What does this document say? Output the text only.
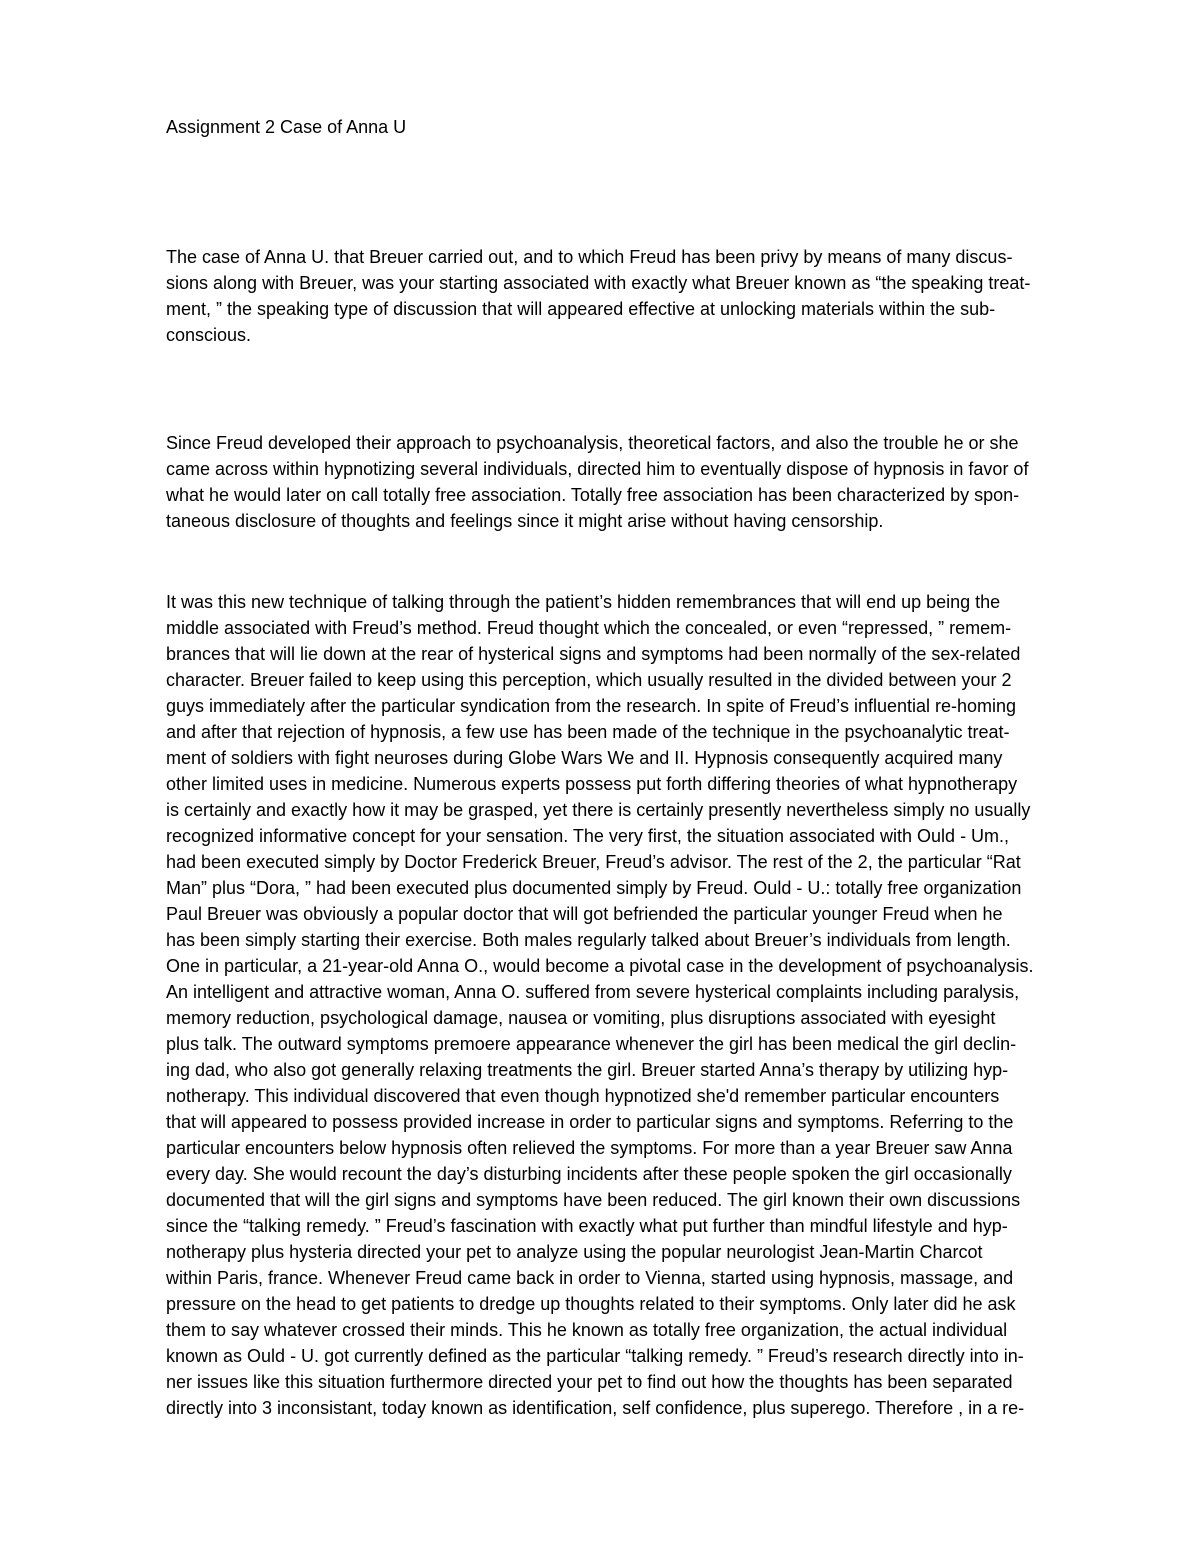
Assignment 2 Case of Anna U
The case of Anna U. that Breuer carried out, and to which Freud has been privy by means of many discus-
sions along with Breuer, was your starting associated with exactly what Breuer known as “the speaking treat-
ment, ” the speaking type of discussion that will appeared effective at unlocking materials within the sub-
conscious.
Since Freud developed their approach to psychoanalysis, theoretical factors, and also the trouble he or she
came across within hypnotizing several individuals, directed him to eventually dispose of hypnosis in favor of
what he would later on call totally free association. Totally free association has been characterized by spon-
taneous disclosure of thoughts and feelings since it might arise without having censorship.
It was this new technique of talking through the patient’s hidden remembrances that will end up being the
middle associated with Freud’s method. Freud thought which the concealed, or even “repressed, ” remem-
brances that will lie down at the rear of hysterical signs and symptoms had been normally of the sex-related
character. Breuer failed to keep using this perception, which usually resulted in the divided between your 2
guys immediately after the particular syndication from the research. In spite of Freud’s influential re-homing
and after that rejection of hypnosis, a few use has been made of the technique in the psychoanalytic treat-
ment of soldiers with fight neuroses during Globe Wars We and II. Hypnosis consequently acquired many
other limited uses in medicine. Numerous experts possess put forth differing theories of what hypnotherapy
is certainly and exactly how it may be grasped, yet there is certainly presently nevertheless simply no usually
recognized informative concept for your sensation. The very first, the situation associated with Ould - Um.,
had been executed simply by Doctor Frederick Breuer, Freud’s advisor. The rest of the 2, the particular “Rat
Man” plus “Dora, ” had been executed plus documented simply by Freud. Ould - U.: totally free organization
Paul Breuer was obviously a popular doctor that will got befriended the particular younger Freud when he
has been simply starting their exercise. Both males regularly talked about Breuer’s individuals from length.
One in particular, a 21-year-old Anna O., would become a pivotal case in the development of psychoanalysis.
An intelligent and attractive woman, Anna O. suffered from severe hysterical complaints including paralysis,
memory reduction, psychological damage, nausea or vomiting, plus disruptions associated with eyesight
plus talk. The outward symptoms premoere appearance whenever the girl has been medical the girl declin-
ing dad, who also got generally relaxing treatments the girl. Breuer started Anna’s therapy by utilizing hyp-
notherapy. This individual discovered that even though hypnotized she'd remember particular encounters
that will appeared to possess provided increase in order to particular signs and symptoms. Referring to the
particular encounters below hypnosis often relieved the symptoms. For more than a year Breuer saw Anna
every day. She would recount the day’s disturbing incidents after these people spoken the girl occasionally
documented that will the girl signs and symptoms have been reduced. The girl known their own discussions
since the “talking remedy. ” Freud’s fascination with exactly what put further than mindful lifestyle and hyp-
notherapy plus hysteria directed your pet to analyze using the popular neurologist Jean-Martin Charcot
within Paris, france. Whenever Freud came back in order to Vienna, started using hypnosis, massage, and
pressure on the head to get patients to dredge up thoughts related to their symptoms. Only later did he ask
them to say whatever crossed their minds. This he known as totally free organization, the actual individual
known as Ould - U. got currently defined as the particular “talking remedy. ” Freud’s research directly into in-
ner issues like this situation furthermore directed your pet to find out how the thoughts has been separated
directly into 3 inconsistant, today known as identification, self confidence, plus superego. Therefore , in a re-
